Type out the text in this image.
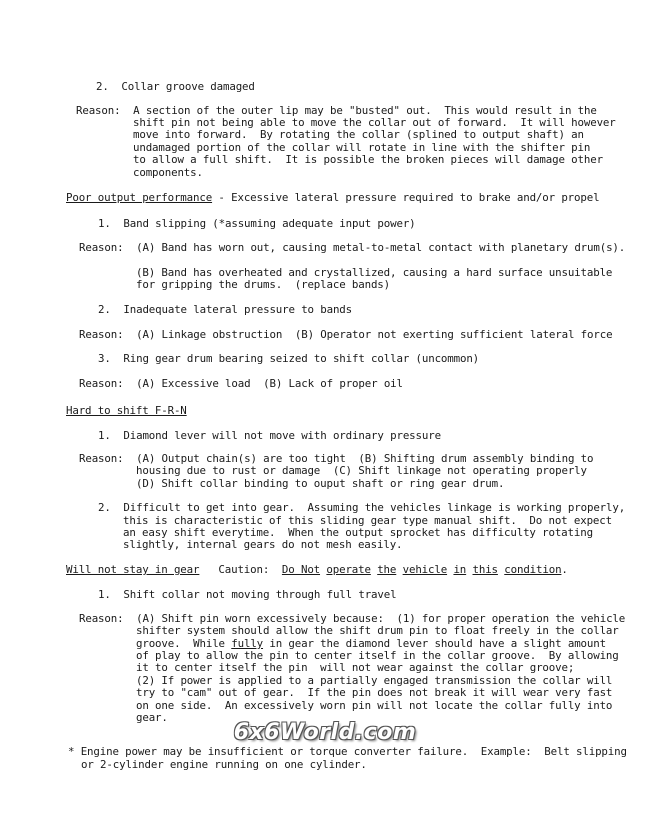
2.  Collar groove damaged
Reason:  A section of the outer lip may be "busted" out.  This would result in the
shift pin not being able to move the collar out of forward.  It will however
move into forward.  By rotating the collar (splined to output shaft) an
undamaged portion of the collar will rotate in line with the shifter pin
to allow a full shift.  It is possible the broken pieces will damage other
components.
Poor output performance - Excessive lateral pressure required to brake and/or propel
1.  Band slipping (*assuming adequate input power)
Reason:  (A) Band has worn out, causing metal-to-metal contact with planetary drum(s).
(B) Band has overheated and crystallized, causing a hard surface unsuitable
for gripping the drums.  (replace bands)
2.  Inadequate lateral pressure to bands
Reason:  (A) Linkage obstruction  (B) Operator not exerting sufficient lateral force
3.  Ring gear drum bearing seized to shift collar (uncommon)
Reason:  (A) Excessive load  (B) Lack of proper oil
Hard to shift F-R-N
1.  Diamond lever will not move with ordinary pressure
Reason:  (A) Output chain(s) are too tight  (B) Shifting drum assembly binding to
housing due to rust or damage  (C) Shift linkage not operating properly
(D) Shift collar binding to ouput shaft or ring gear drum.
2.  Difficult to get into gear.  Assuming the vehicles linkage is working properly,
this is characteristic of this sliding gear type manual shift.  Do not expect
an easy shift everytime.  When the output sprocket has difficulty rotating
slightly, internal gears do not mesh easily.
Will not stay in gear   Caution:  Do Not operate the vehicle in this condition.
1.  Shift collar not moving through full travel
Reason:  (A) Shift pin worn excessively because:  (1) for proper operation the vehicle
shifter system should allow the shift drum pin to float freely in the collar
groove.  While fully in gear the diamond lever should have a slight amount
of play to allow the pin to center itself in the collar groove.  By allowing
it to center itself the pin  will not wear against the collar groove;
(2) If power is applied to a partially engaged transmission the collar will
try to "cam" out of gear.  If the pin does not break it will wear very fast
on one side.  An excessively worn pin will not locate the collar fully into
gear.
* Engine power may be insufficient or torque converter failure.  Example:  Belt slipping
or 2-cylinder engine running on one cylinder.
6x6World.com
